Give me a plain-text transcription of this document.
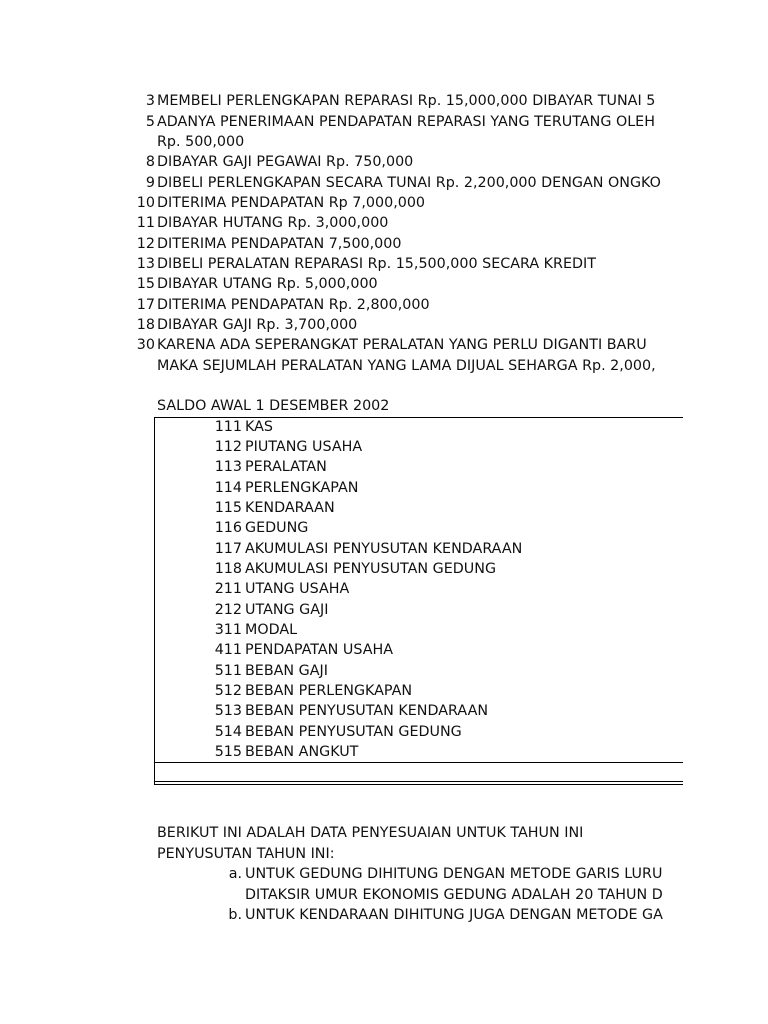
3 MEMBELI PERLENGKAPAN REPARASI Rp. 15,000,000 DIBAYAR TUNAI 5
5 ADANYA PENERIMAAN PENDAPATAN REPARASI YANG TERUTANG OLEH
Rp. 500,000
8 DIBAYAR GAJI PEGAWAI Rp. 750,000
9 DIBELI PERLENGKAPAN SECARA TUNAI Rp. 2,200,000 DENGAN ONGKO
10 DITERIMA PENDAPATAN Rp 7,000,000
11 DIBAYAR HUTANG Rp. 3,000,000
12 DITERIMA PENDAPATAN 7,500,000
13 DIBELI PERALATAN REPARASI Rp. 15,500,000 SECARA KREDIT
15 DIBAYAR UTANG Rp. 5,000,000
17 DITERIMA PENDAPATAN Rp. 2,800,000
18 DIBAYAR GAJI Rp. 3,700,000
30 KARENA ADA SEPERANGKAT PERALATAN YANG PERLU DIGANTI BARU
MAKA SEJUMLAH PERALATAN YANG LAMA DIJUAL SEHARGA Rp. 2,000,
SALDO AWAL 1 DESEMBER 2002
111 KAS
112 PIUTANG USAHA
113 PERALATAN
114 PERLENGKAPAN
115 KENDARAAN
116 GEDUNG
117 AKUMULASI PENYUSUTAN KENDARAAN
118 AKUMULASI PENYUSUTAN GEDUNG
211 UTANG USAHA
212 UTANG GAJI
311 MODAL
411 PENDAPATAN USAHA
511 BEBAN GAJI
512 BEBAN PERLENGKAPAN
513 BEBAN PENYUSUTAN KENDARAAN
514 BEBAN PENYUSUTAN GEDUNG
515 BEBAN ANGKUT
BERIKUT INI ADALAH DATA PENYESUAIAN UNTUK TAHUN INI
PENYUSUTAN TAHUN INI:
a. UNTUK GEDUNG DIHITUNG DENGAN METODE GARIS LURU
DITAKSIR UMUR EKONOMIS GEDUNG ADALAH 20 TAHUN D
b. UNTUK KENDARAAN DIHITUNG JUGA DENGAN METODE GA
